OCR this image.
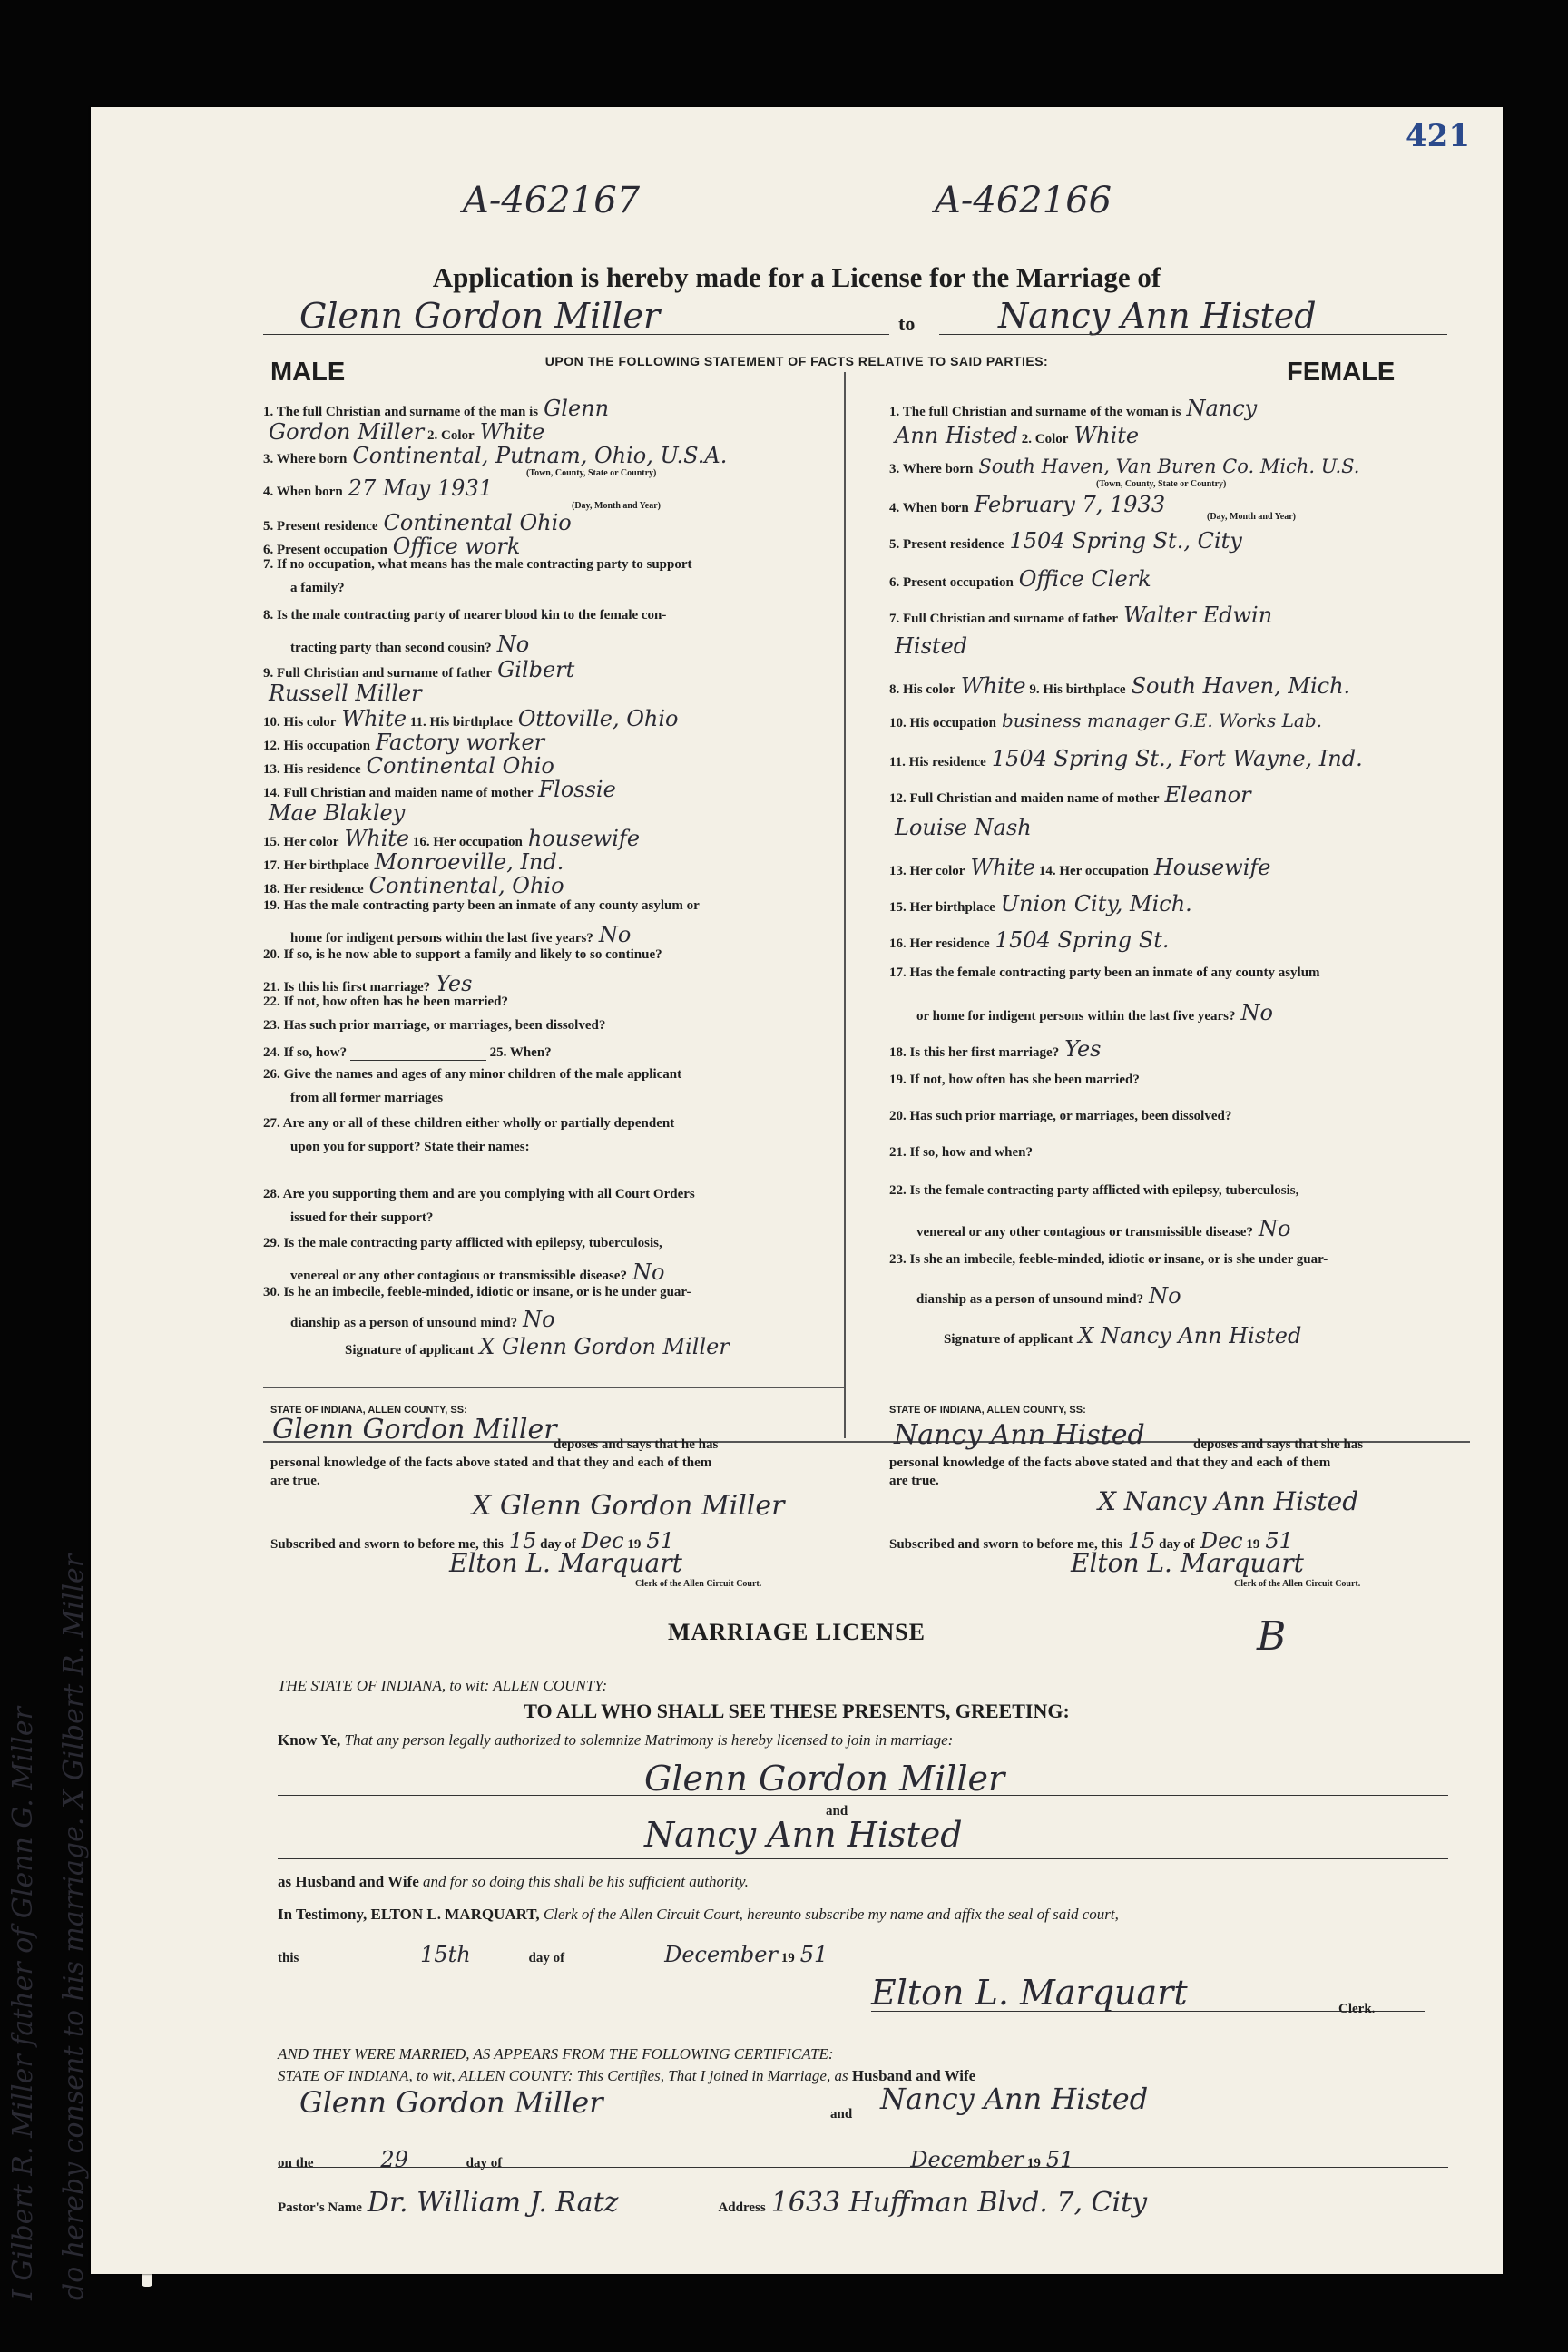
421
A-462167	A-462166
Application is hereby made for a License for the Marriage of
Glenn Gordon Miller	to Nancy Ann Histed
MALE	FEMALE
UPON THE FOLLOWING STATEMENT OF FACTS RELATIVE TO SAID PARTIES:
1. The full Christian and surname of the man is Glenn
Gordon Miller 2. Color White
3. Where born Continental, Putnam, Ohio, U.S.A.
(Town, County, State or Country)
4. When born 27 May 1931
(Day, Month and Year)
5. Present residence Continental Ohio
6. Present occupation Office work
7. If no occupation, what means has the male contracting party to support
a family?
8. Is the male contracting party of nearer blood kin to the female con-
tracting party than second cousin? No
9. Full Christian and surname of father Gilbert
Russell Miller
10. His color White 11. His birthplace Ottoville, Ohio
12. His occupation Factory worker
13. His residence Continental Ohio
14. Full Christian and maiden name of mother Flossie
Mae Blakley
15. Her color White 16. Her occupation housewife
17. Her birthplace Monroeville, Ind.
18. Her residence Continental, Ohio
19. Has the male contracting party been an inmate of any county asylum or
home for indigent persons within the last five years? No
20. If so, is he now able to support a family and likely to so continue?
21. Is this his first marriage? Yes
22. If not, how often has he been married?
23. Has such prior marriage, or marriages, been dissolved?
24. If so, how?	25. When?
26. Give the names and ages of any minor children of the male applicant
from all former marriages
27. Are any or all of these children either wholly or partially dependent
upon you for support? State their names:
28. Are you supporting them and are you complying with all Court Orders
issued for their support?
29. Is the male contracting party afflicted with epilepsy, tuberculosis,
venereal or any other contagious or transmissible disease? No
30. Is he an imbecile, feeble-minded, idiotic or insane, or is he under guar-
dianship as a person of unsound mind? No
Signature of applicant X Glenn Gordon Miller
1. The full Christian and surname of the woman is Nancy
Ann Histed 2. Color White
3. Where born South Haven, Van Buren Co. Mich. U.S.
(Town, County, State or Country)
4. When born February 7, 1933	(Day, Month and Year)
5. Present residence 1504 Spring St., City
6. Present occupation Office Clerk
7. Full Christian and surname of father Walter Edwin
Histed
8. His color White 9. His birthplace South Haven, Mich.
10. His occupation business manager G.E. Works Lab.
11. His residence 1504 Spring St., Fort Wayne, Ind.
12. Full Christian and maiden name of mother Eleanor
Louise Nash
13. Her color White 14. Her occupation Housewife
15. Her birthplace Union City, Mich.
16. Her residence 1504 Spring St.
17. Has the female contracting party been an inmate of any county asylum
or home for indigent persons within the last five years? No
18. Is this her first marriage? Yes
19. If not, how often has she been married?
20. Has such prior marriage, or marriages, been dissolved?
21. If so, how and when?
22. Is the female contracting party afflicted with epilepsy, tuberculosis,
venereal or any other contagious or transmissible disease? No
23. Is she an imbecile, feeble-minded, idiotic or insane, or is she under guar-
dianship as a person of unsound mind? No
Signature of applicant X Nancy Ann Histed
STATE OF INDIANA, ALLEN COUNTY, SS:
Glenn Gordon Miller
deposes and says that he has
personal knowledge of the facts above stated and that they and each of them
are true.
X Glenn Gordon Miller
Subscribed and sworn to before me, this 15 day of Dec 19 51
Elton L. Marquart
Clerk of the Allen Circuit Court.
STATE OF INDIANA, ALLEN COUNTY, SS:
Nancy Ann Histed	deposes and says that she has
personal knowledge of the facts above stated and that they and each of them
are true.
X Nancy Ann Histed
Subscribed and sworn to before me, this 15 day of Dec 19 51
Elton L. Marquart
Clerk of the Allen Circuit Court.
MARRIAGE LICENSE	B
THE STATE OF INDIANA, to wit: ALLEN COUNTY:
TO ALL WHO SHALL SEE THESE PRESENTS, GREETING:
Know Ye, That any person legally authorized to solemnize Matrimony is hereby licensed to join in marriage:
Glenn Gordon Miller
and
Nancy Ann Histed
as Husband and Wife and for so doing this shall be his sufficient authority.
In Testimony, ELTON L. MARQUART, Clerk of the Allen Circuit Court, hereunto subscribe my name and affix the seal of said court,
this	15th	day of	December 19 51
Elton L. Marquart	Clerk.
AND THEY WERE MARRIED, AS APPEARS FROM THE FOLLOWING CERTIFICATE:
STATE OF INDIANA, to wit, ALLEN COUNTY: This Certifies, That I joined in Marriage, as Husband and Wife
Glenn Gordon Miller	and Nancy Ann Histed
on the	29	day of	December 19 51
Pastor's Name Dr. William J. Ratz	Address 1633 Huffman Blvd. 7, City
I Gilbert R. Miller father of Glenn G. Miller do hereby consent to his marriage. X Gilbert R. Miller
